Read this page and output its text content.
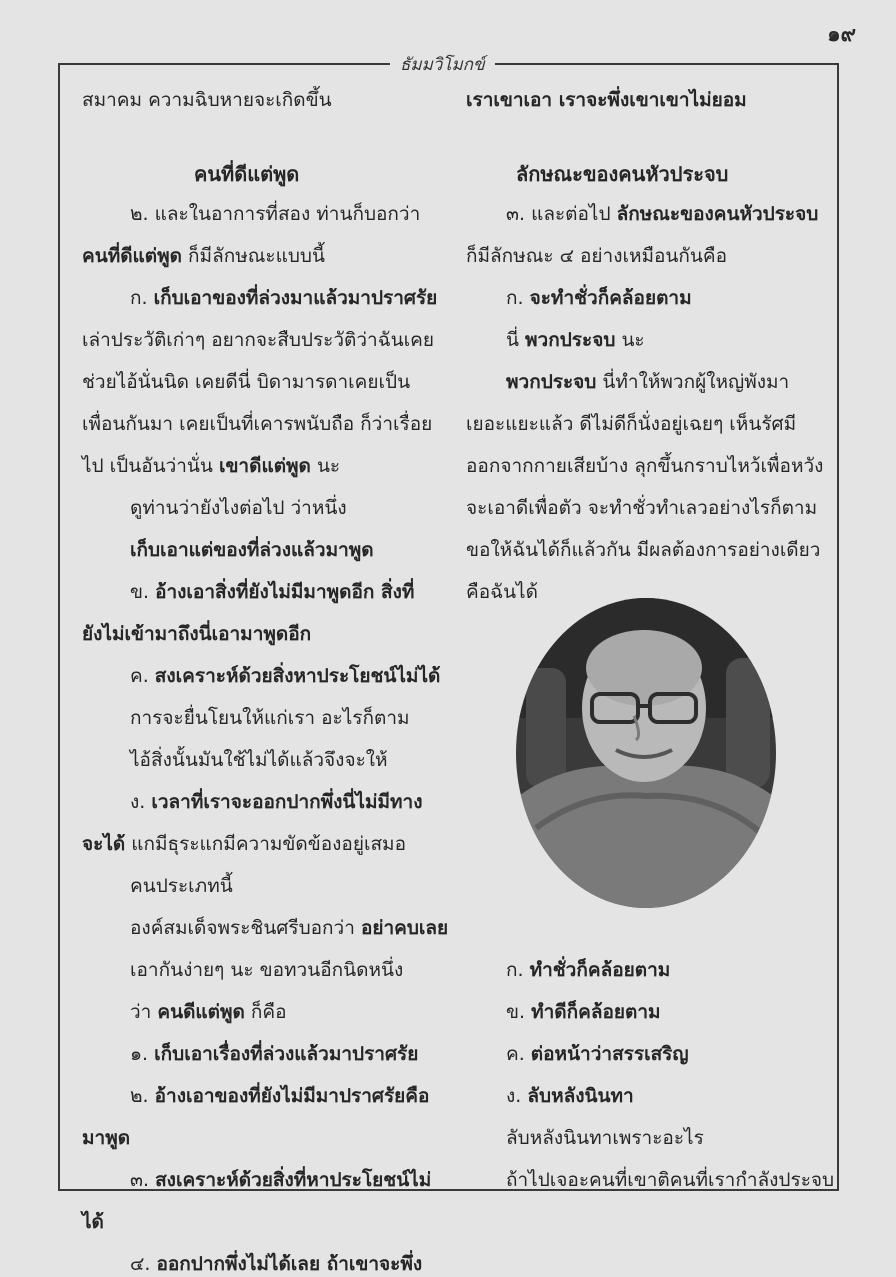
๑๙
ธัมมวิโมกข์
สมาคม ความฉิบหายจะเกิดขึ้น
คนที่ดีแต่พูด
๒. และในอาการที่สอง ท่านก็บอกว่า
คนที่ดีแต่พูด ก็มีลักษณะแบบนี้
ก. เก็บเอาของที่ล่วงมาแล้วมาปราศรัย
เล่าประวัติเก่าๆ อยากจะสืบประวัติว่าฉันเคย
ช่วยไอ้นั่นนิด เคยดีนี่ บิดามารดาเคยเป็น
เพื่อนกันมา เคยเป็นที่เคารพนับถือ ก็ว่าเรื่อย
ไป เป็นอันว่านั่น เขาดีแต่พูด นะ
ดูท่านว่ายังไงต่อไป ว่าหนึ่ง
เก็บเอาแต่ของที่ล่วงแล้วมาพูด
ข. อ้างเอาสิ่งที่ยังไม่มีมาพูดอีก สิ่งที่
ยังไม่เข้ามาถึงนี่เอามาพูดอีก
ค. สงเคราะห์ด้วยสิ่งหาประโยชน์ไม่ได้
การจะยื่นโยนให้แก่เรา อะไรก็ตาม
ไอ้สิ่งนั้นมันใช้ไม่ได้แล้วจึงจะให้
ง. เวลาที่เราจะออกปากพึ่งนี่ไม่มีทาง
จะได้ แกมีธุระแกมีความขัดข้องอยู่เสมอ
คนประเภทนี้
องค์สมเด็จพระชินศรีบอกว่า อย่าคบเลย
เอากันง่ายๆ นะ ขอทวนอีกนิดหนึ่ง
ว่า คนดีแต่พูด ก็คือ
๑. เก็บเอาเรื่องที่ล่วงแล้วมาปราศรัย
๒. อ้างเอาของที่ยังไม่มีมาปราศรัยคือ
มาพูด
๓. สงเคราะห์ด้วยสิ่งที่หาประโยชน์ไม่
ได้
๔. ออกปากพึ่งไม่ได้เลย ถ้าเขาจะพึ่ง
เราเขาเอา เราจะพึ่งเขาเขาไม่ยอม
ลักษณะของคนหัวประจบ
๓. และต่อไป ลักษณะของคนหัวประจบ
ก็มีลักษณะ ๔ อย่างเหมือนกันคือ
ก. จะทำชั่วก็คล้อยตาม
นี่ พวกประจบ นะ
พวกประจบ นี่ทำให้พวกผู้ใหญ่พังมา
เยอะแยะแล้ว ดีไม่ดีก็นั่งอยู่เฉยๆ เห็นรัศมี
ออกจากกายเสียบ้าง ลุกขึ้นกราบไหว้เพื่อหวัง
จะเอาดีเพื่อตัว จะทำชั่วทำเลวอย่างไรก็ตาม
ขอให้ฉันได้ก็แล้วกัน มีผลต้องการอย่างเดียว
คือฉันได้
ก. ทำชั่วก็คล้อยตาม
ข. ทำดีก็คล้อยตาม
ค. ต่อหน้าว่าสรรเสริญ
ง. ลับหลังนินทา
ลับหลังนินทาเพราะอะไร
ถ้าไปเจอะคนที่เขาติคนที่เรากำลังประจบ
